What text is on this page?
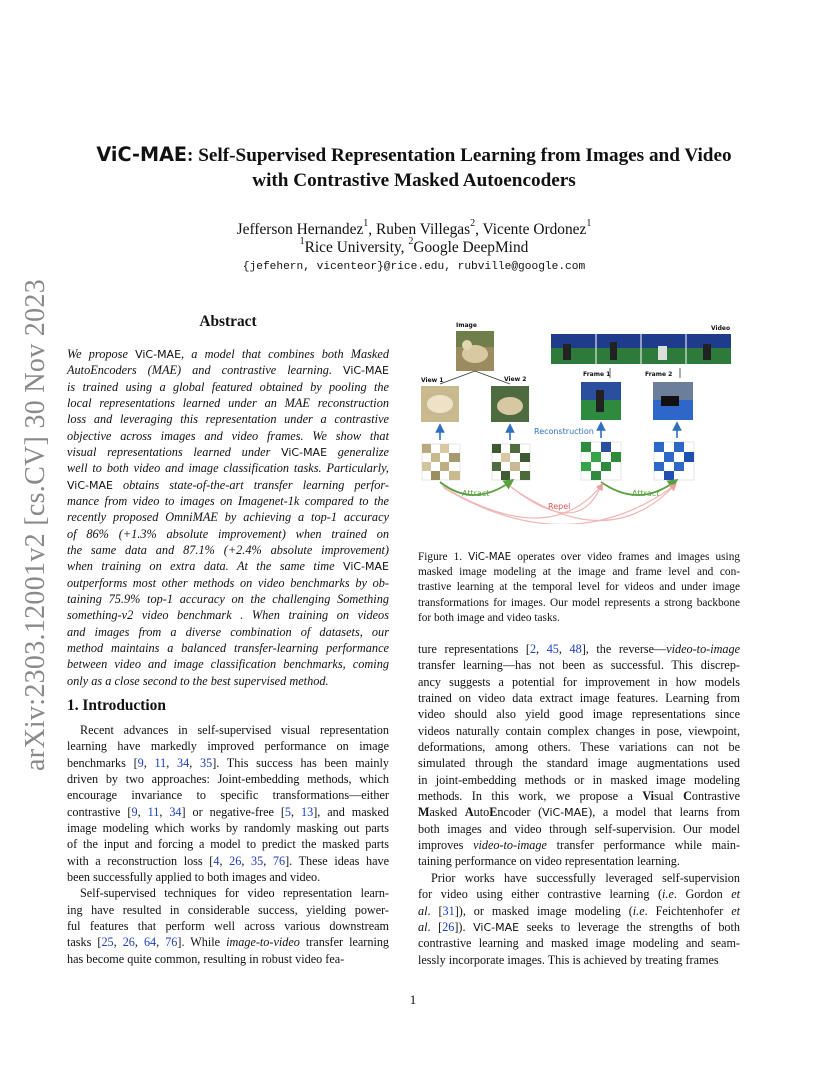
arXiv:2303.12001v2 [cs.CV] 30 Nov 2023
ViC-MAE: Self-Supervised Representation Learning from Images and Video
with Contrastive Masked Autoencoders
Jefferson Hernandez$^1$, Ruben Villegas$^2$, Vicente Ordonez$^1$
$^1$Rice University, $^2$Google DeepMind
{jefehern, vicenteor}@rice.edu, rubville@google.com
Abstract
We propose ViC-MAE, a model that combines both Masked
AutoEncoders (MAE) and contrastive learning. ViC-MAE
is trained using a global featured obtained by pooling the
local representations learned under an MAE reconstruction
loss and leveraging this representation under a contrastive
objective across images and video frames. We show that
visual representations learned under ViC-MAE generalize
well to both video and image classification tasks. Particularly,
ViC-MAE obtains state-of-the-art transfer learning perfor-
mance from video to images on Imagenet-1k compared to the
recently proposed OmniMAE by achieving a top-1 accuracy
of 86% (+1.3% absolute improvement) when trained on
the same data and 87.1% (+2.4% absolute improvement)
when training on extra data. At the same time ViC-MAE
outperforms most other methods on video benchmarks by ob-
taining 75.9% top-1 accuracy on the challenging Something
something-v2 video benchmark . When training on videos
and images from a diverse combination of datasets, our
method maintains a balanced transfer-learning performance
between video and image classification benchmarks, coming
only as a close second to the best supervised method.
1. Introduction
Recent advances in self-supervised visual representation
learning have markedly improved performance on image
benchmarks [9, 11, 34, 35]. This success has been mainly
driven by two approaches: Joint-embedding methods, which
encourage invariance to specific transformations—either
contrastive [9, 11, 34] or negative-free [5, 13], and masked
image modeling which works by randomly masking out parts
of the input and forcing a model to predict the masked parts
with a reconstruction loss [4, 26, 35, 76]. These ideas have
been successfully applied to both images and video.
Self-supervised techniques for video representation learn-
ing have resulted in considerable success, yielding power-
ful features that perform well across various downstream
tasks [25, 26, 64, 76]. While image-to-video transfer learning
has become quite common, resulting in robust video fea-
ture representations [2, 45, 48], the reverse—video-to-image
transfer learning—has not been as successful. This discrep-
ancy suggests a potential for improvement in how models
trained on video data extract image features. Learning from
video should also yield good image representations since
videos naturally contain complex changes in pose, viewpoint,
deformations, among others. These variations can not be
simulated through the standard image augmentations used
in joint-embedding methods or in masked image modeling
methods. In this work, we propose a Visual Contrastive
Masked AutoEncoder (ViC-MAE), a model that learns from
both images and video through self-supervision. Our model
improves video-to-image transfer performance while main-
taining performance on video representation learning.
Prior works have successfully leveraged self-supervision
for video using either contrastive learning (i.e. Gordon et
al. [31]), or masked image modeling (i.e. Feichtenhofer et
al. [26]). ViC-MAE seeks to leverage the strengths of both
contrastive learning and masked image modeling and seam-
lessly incorporate images. This is achieved by treating frames
Image	Video
View 1	View 2
Frame 1	Frame 2
Reconstruction
Attract	Attract
Repel
Figure 1. ViC-MAE operates over video frames and images using
masked image modeling at the image and frame level and con-
trastive learning at the temporal level for videos and under image
transformations for images. Our model represents a strong backbone
for both image and video tasks.
1
